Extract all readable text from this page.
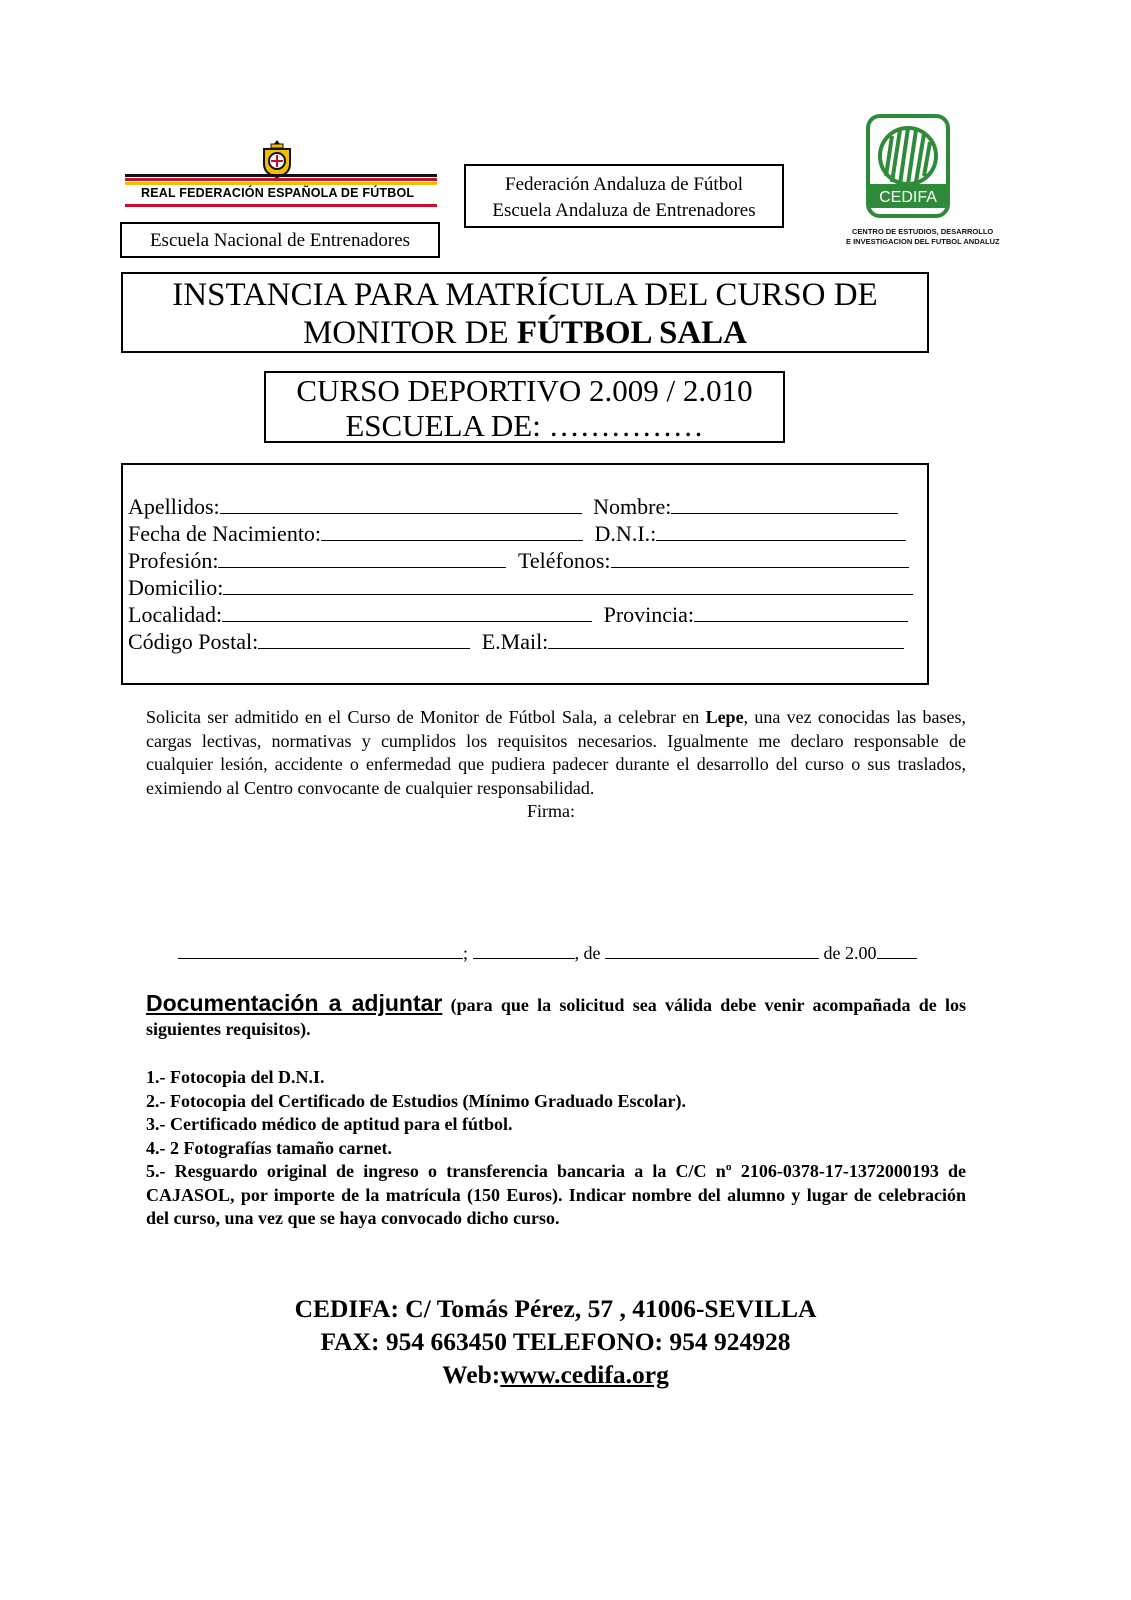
REAL FEDERACIÓN ESPAÑOLA DE FÚTBOL
Escuela Nacional de Entrenadores
Federación Andaluza de Fútbol
Escuela Andaluza de Entrenadores
CEDIFA
CENTRO DE ESTUDIOS, DESARROLLO
E INVESTIGACION DEL FUTBOL ANDALUZ
INSTANCIA PARA MATRÍCULA DEL CURSO DE
MONITOR DE FÚTBOL SALA
CURSO DEPORTIVO 2.009 / 2.010
ESCUELA DE: ……………
Apellidos:	Nombre:
Fecha de Nacimiento:	D.N.I.:
Profesión:	Teléfonos:
Domicilio:
Localidad:	Provincia:
Código Postal:	E.Mail:
Solicita ser admitido en el Curso de Monitor de Fútbol Sala, a celebrar en Lepe, una vez conocidas las bases, cargas lectivas, normativas y cumplidos los requisitos necesarios. Igualmente me declaro responsable de cualquier lesión, accidente o enfermedad que pudiera padecer durante el desarrollo del curso o sus traslados, eximiendo al Centro convocante de cualquier responsabilidad.
Firma:
;	, de	de 2.00
Documentación a adjuntar (para que la solicitud sea válida debe venir acompañada de los siguientes requisitos).
1.- Fotocopia del D.N.I.
2.- Fotocopia del Certificado de Estudios (Mínimo Graduado Escolar).
3.- Certificado médico de aptitud para el fútbol.
4.- 2 Fotografías tamaño carnet.
5.- Resguardo original de ingreso o transferencia bancaria a la C/C nº 2106-0378-17-1372000193 de CAJASOL, por importe de la matrícula (150 Euros). Indicar nombre del alumno y lugar de celebración del curso, una vez que se haya convocado dicho curso.
CEDIFA: C/ Tomás Pérez, 57 , 41006-SEVILLA
FAX: 954 663450 TELEFONO: 954 924928
Web:www.cedifa.org
